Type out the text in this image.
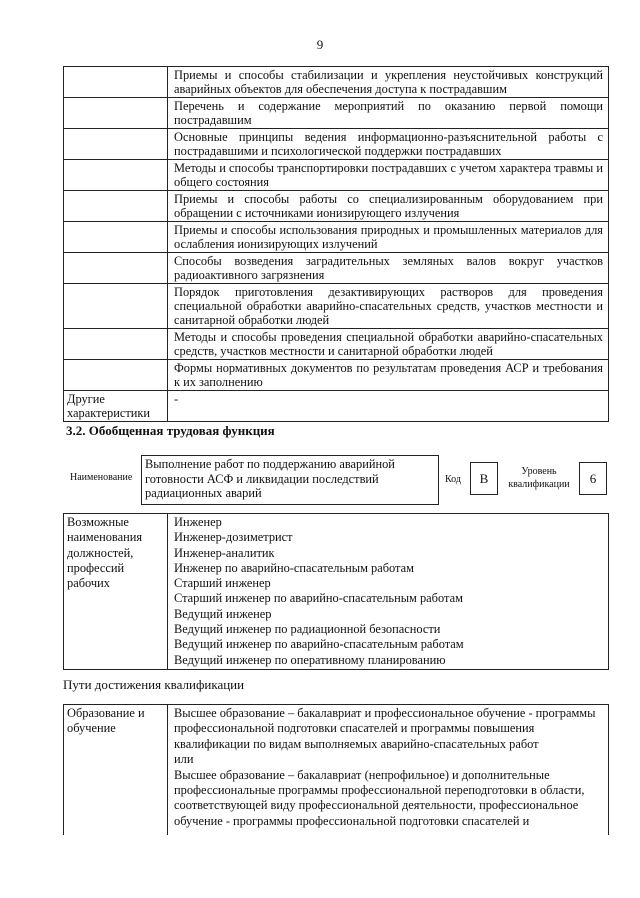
9
	Приемы и способы стабилизации и укрепления неустойчивых конструкций аварийных объектов для обеспечения доступа к пострадавшим
	Перечень и содержание мероприятий по оказанию первой помощи пострадавшим
	Основные принципы ведения информационно-разъяснительной работы с пострадавшими и психологической поддержки пострадавших
	Методы и способы транспортировки пострадавших с учетом характера травмы и общего состояния
	Приемы и способы работы со специализированным оборудованием при обращении с источниками ионизирующего излучения
	Приемы и способы использования природных и промышленных материалов для ослабления ионизирующих излучений
	Способы возведения заградительных земляных валов вокруг участков радиоактивного загрязнения
	Порядок приготовления дезактивирующих растворов для проведения специальной обработки аварийно-спасательных средств, участков местности и санитарной обработки людей
	Методы и способы проведения специальной обработки аварийно-спасательных средств, участков местности и санитарной обработки людей
	Формы нормативных документов по результатам проведения АСР и требования к их заполнению
Другие характеристики	-
3.2. Обобщенная трудовая функция
Наименование
Выполнение работ по поддержанию аварийной готовности АСФ и ликвидации последствий радиационных аварий
Код	В	Уровень квалификации	6
Возможные наименования должностей, профессий рабочих	
Инженер
Инженер-дозиметрист
Инженер-аналитик
Инженер по аварийно-спасательным работам
Старший инженер
Старший инженер по аварийно-спасательным работам
Ведущий инженер
Ведущий инженер по радиационной безопасности
Ведущий инженер по аварийно-спасательным работам
Ведущий инженер по оперативному планированию
Пути достижения квалификации
Образование и обучение	
Высшее образование – бакалавриат и профессиональное обучение - программы профессиональной подготовки спасателей и программы повышения квалификации по видам выполняемых аварийно-спасательных работ
или
Высшее образование – бакалавриат (непрофильное) и дополнительные профессиональные программы профессиональной переподготовки в области, соответствующей виду профессиональной деятельности, профессиональное обучение - программы профессиональной подготовки спасателей и
